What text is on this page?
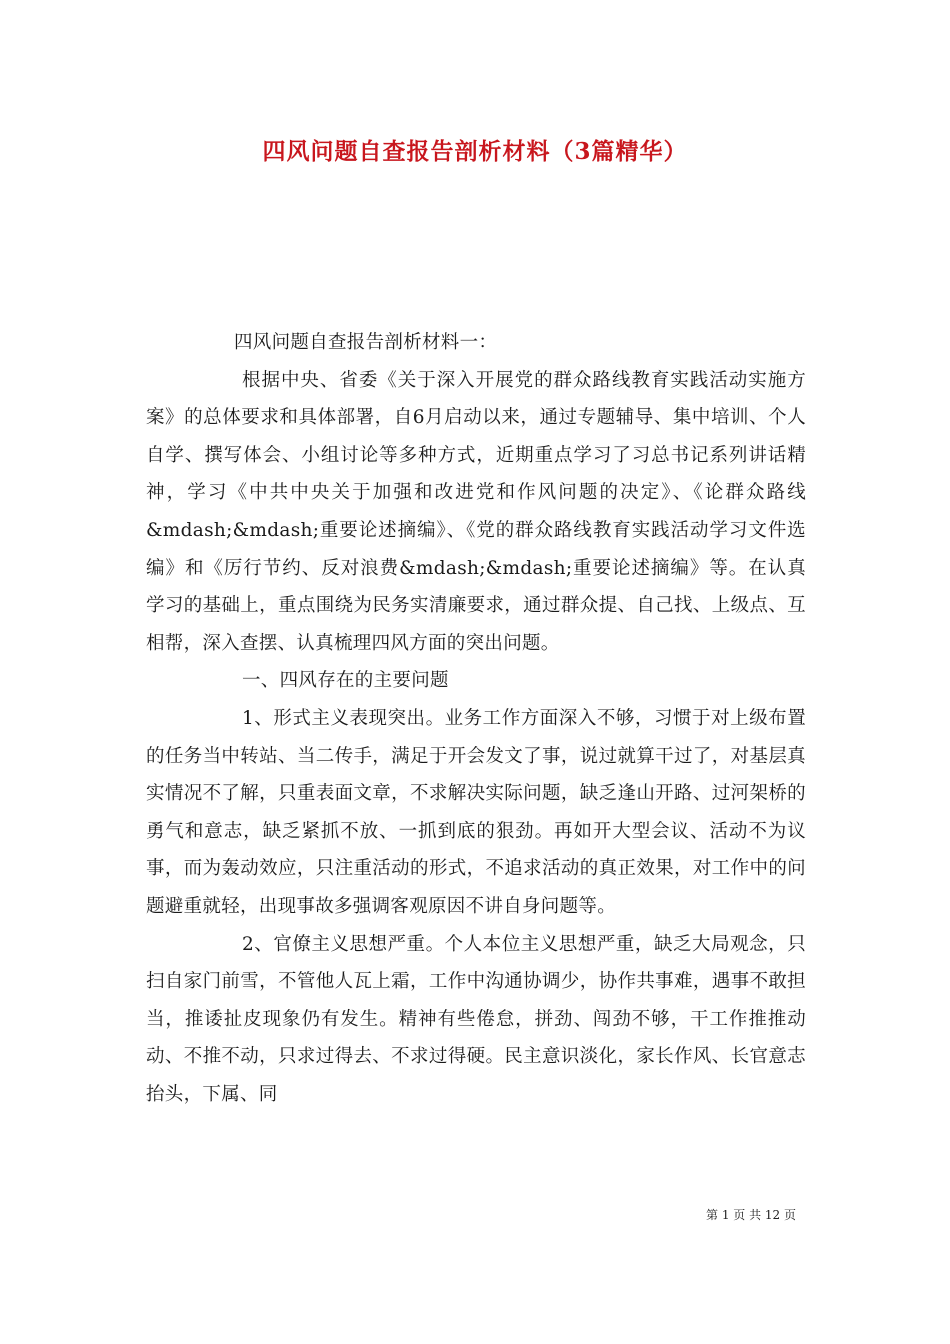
四风问题自查报告剖析材料（3篇精华）

四风问题自查报告剖析材料一：

根据中央、省委《关于深入开展党的群众路线教育实践活动实施方案》的总体要求和具体部署，自6月启动以来，通过专题辅导、集中培训、个人自学、撰写体会、小组讨论等多种方式，近期重点学习了习总书记系列讲话精神，学习《中共中央关于加强和改进党和作风问题的决定》、《论群众路线&mdash;&mdash;重要论述摘编》、《党的群众路线教育实践活动学习文件选编》和《厉行节约、反对浪费&mdash;&mdash;重要论述摘编》等。在认真学习的基础上，重点围绕为民务实清廉要求，通过群众提、自己找、上级点、互相帮，深入查摆、认真梳理四风方面的突出问题。

一、四风存在的主要问题

1、形式主义表现突出。业务工作方面深入不够，习惯于对上级布置的任务当中转站、当二传手，满足于开会发文了事，说过就算干过了，对基层真实情况不了解，只重表面文章，不求解决实际问题，缺乏逢山开路、过河架桥的勇气和意志，缺乏紧抓不放、一抓到底的狠劲。再如开大型会议、活动不为议事，而为轰动效应，只注重活动的形式，不追求活动的真正效果，对工作中的问题避重就轻，出现事故多强调客观原因不讲自身问题等。

2、官僚主义思想严重。个人本位主义思想严重，缺乏大局观念，只扫自家门前雪，不管他人瓦上霜，工作中沟通协调少，协作共事难，遇事不敢担当，推诿扯皮现象仍有发生。精神有些倦怠，拼劲、闯劲不够，干工作推推动动、不推不动，只求过得去、不求过得硬。民主意识淡化，家长作风、长官意志抬头，下属、同

第 1 页 共 12 页
